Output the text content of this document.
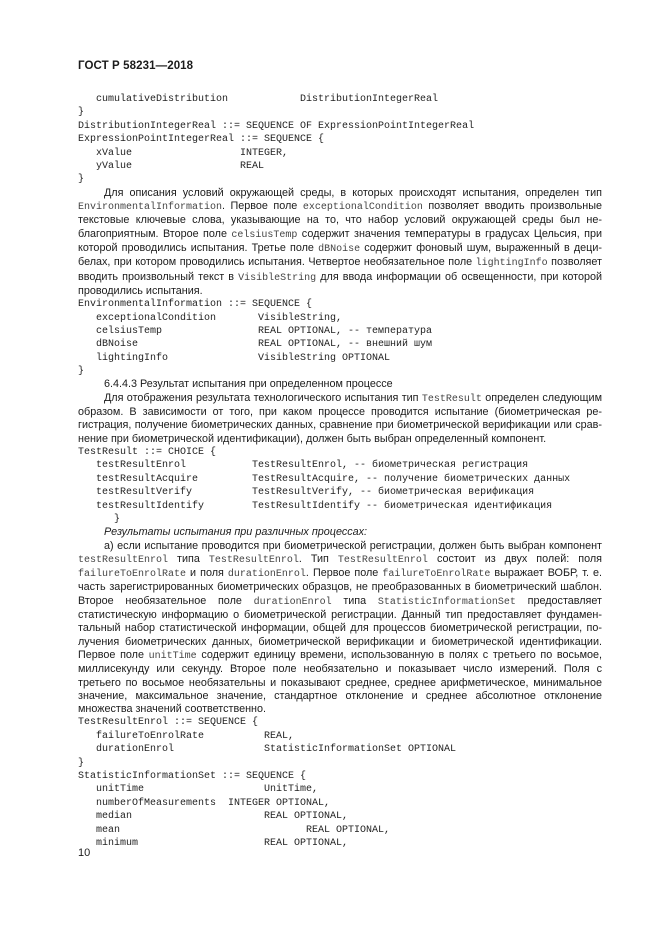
ГОСТ Р 58231—2018
cumulativeDistribution            DistributionIntegerReal
}
DistributionIntegerReal ::= SEQUENCE OF ExpressionPointIntegerReal
ExpressionPointIntegerReal ::= SEQUENCE {
xValue                  INTEGER,
yValue                  REAL
}
Для описания условий окружающей среды, в которых происходят испытания, определен тип EnvironmentalInformation. Первое поле exceptionalCondition позволяет вводить произвольные текстовые ключевые слова, указывающие на то, что набор условий окружающей среды был неблагоприятным. Второе поле celsiusTemp содержит значения температуры в градусах Цельсия, при которой проводились испытания. Третье поле dBNoise содержит фоновый шум, выраженный в децибелах, при котором проводились испытания. Четвертое необязательное поле lightingInfo позволяет вводить произвольный текст в VisibleString для ввода информации об освещенности, при которой проводились испытания.
EnvironmentalInformation ::= SEQUENCE {
exceptionalCondition       VisibleString,
celsiusTemp                REAL OPTIONAL, -- температура
dBNoise                    REAL OPTIONAL, -- внешний шум
lightingInfo               VisibleString OPTIONAL
}
6.4.4.3 Результат испытания при определенном процессе
Для отображения результата технологического испытания тип TestResult определен следующим образом. В зависимости от того, при каком процессе проводится испытание (биометрическая регистрация, получение биометрических данных, сравнение при биометрической верификации или сравнение при биометрической идентификации), должен быть выбран определенный компонент.
TestResult ::= CHOICE {
testResultEnrol           TestResultEnrol, -- биометрическая регистрация
testResultAcquire         TestResultAcquire, -- получение биометрических данных
testResultVerify          TestResultVerify, -- биометрическая верификация
testResultIdentify        TestResultIdentify -- биометрическая идентификация
}
Результаты испытания при различных процессах:
а) если испытание проводится при биометрической регистрации, должен быть выбран компонент testResultEnrol типа TestResultEnrol. Тип TestResultEnrol состоит из двух полей: поля failureToEnrolRate и поля durationEnrol. Первое поле failureToEnrolRate выражает ВОБР, т. е. часть зарегистрированных биометрических образцов, не преобразованных в биометрический шаблон. Второе необязательное поле durationEnrol типа StatisticInformationSet предоставляет статистическую информацию о биометрической регистрации. Данный тип предоставляет фундаментальный набор статистической информации, общей для процессов биометрической регистрации, получения биометрических данных, биометрической верификации и биометрической идентификации. Первое поле unitTime содержит единицу времени, использованную в полях с третьего по восьмое, миллисекунду или секунду. Второе поле необязательно и показывает число измерений. Поля с третьего по восьмое необязательны и показывают среднее, среднее арифметическое, минимальное значение, максимальное значение, стандартное отклонение и среднее абсолютное отклонение множества значений соответственно.
TestResultEnrol ::= SEQUENCE {
failureToEnrolRate          REAL,
durationEnrol               StatisticInformationSet OPTIONAL
}
StatisticInformationSet ::= SEQUENCE {
unitTime                    UnitTime,
numberOfMeasurements  INTEGER OPTIONAL,
median                      REAL OPTIONAL,
mean                               REAL OPTIONAL,
minimum                     REAL OPTIONAL,
10
